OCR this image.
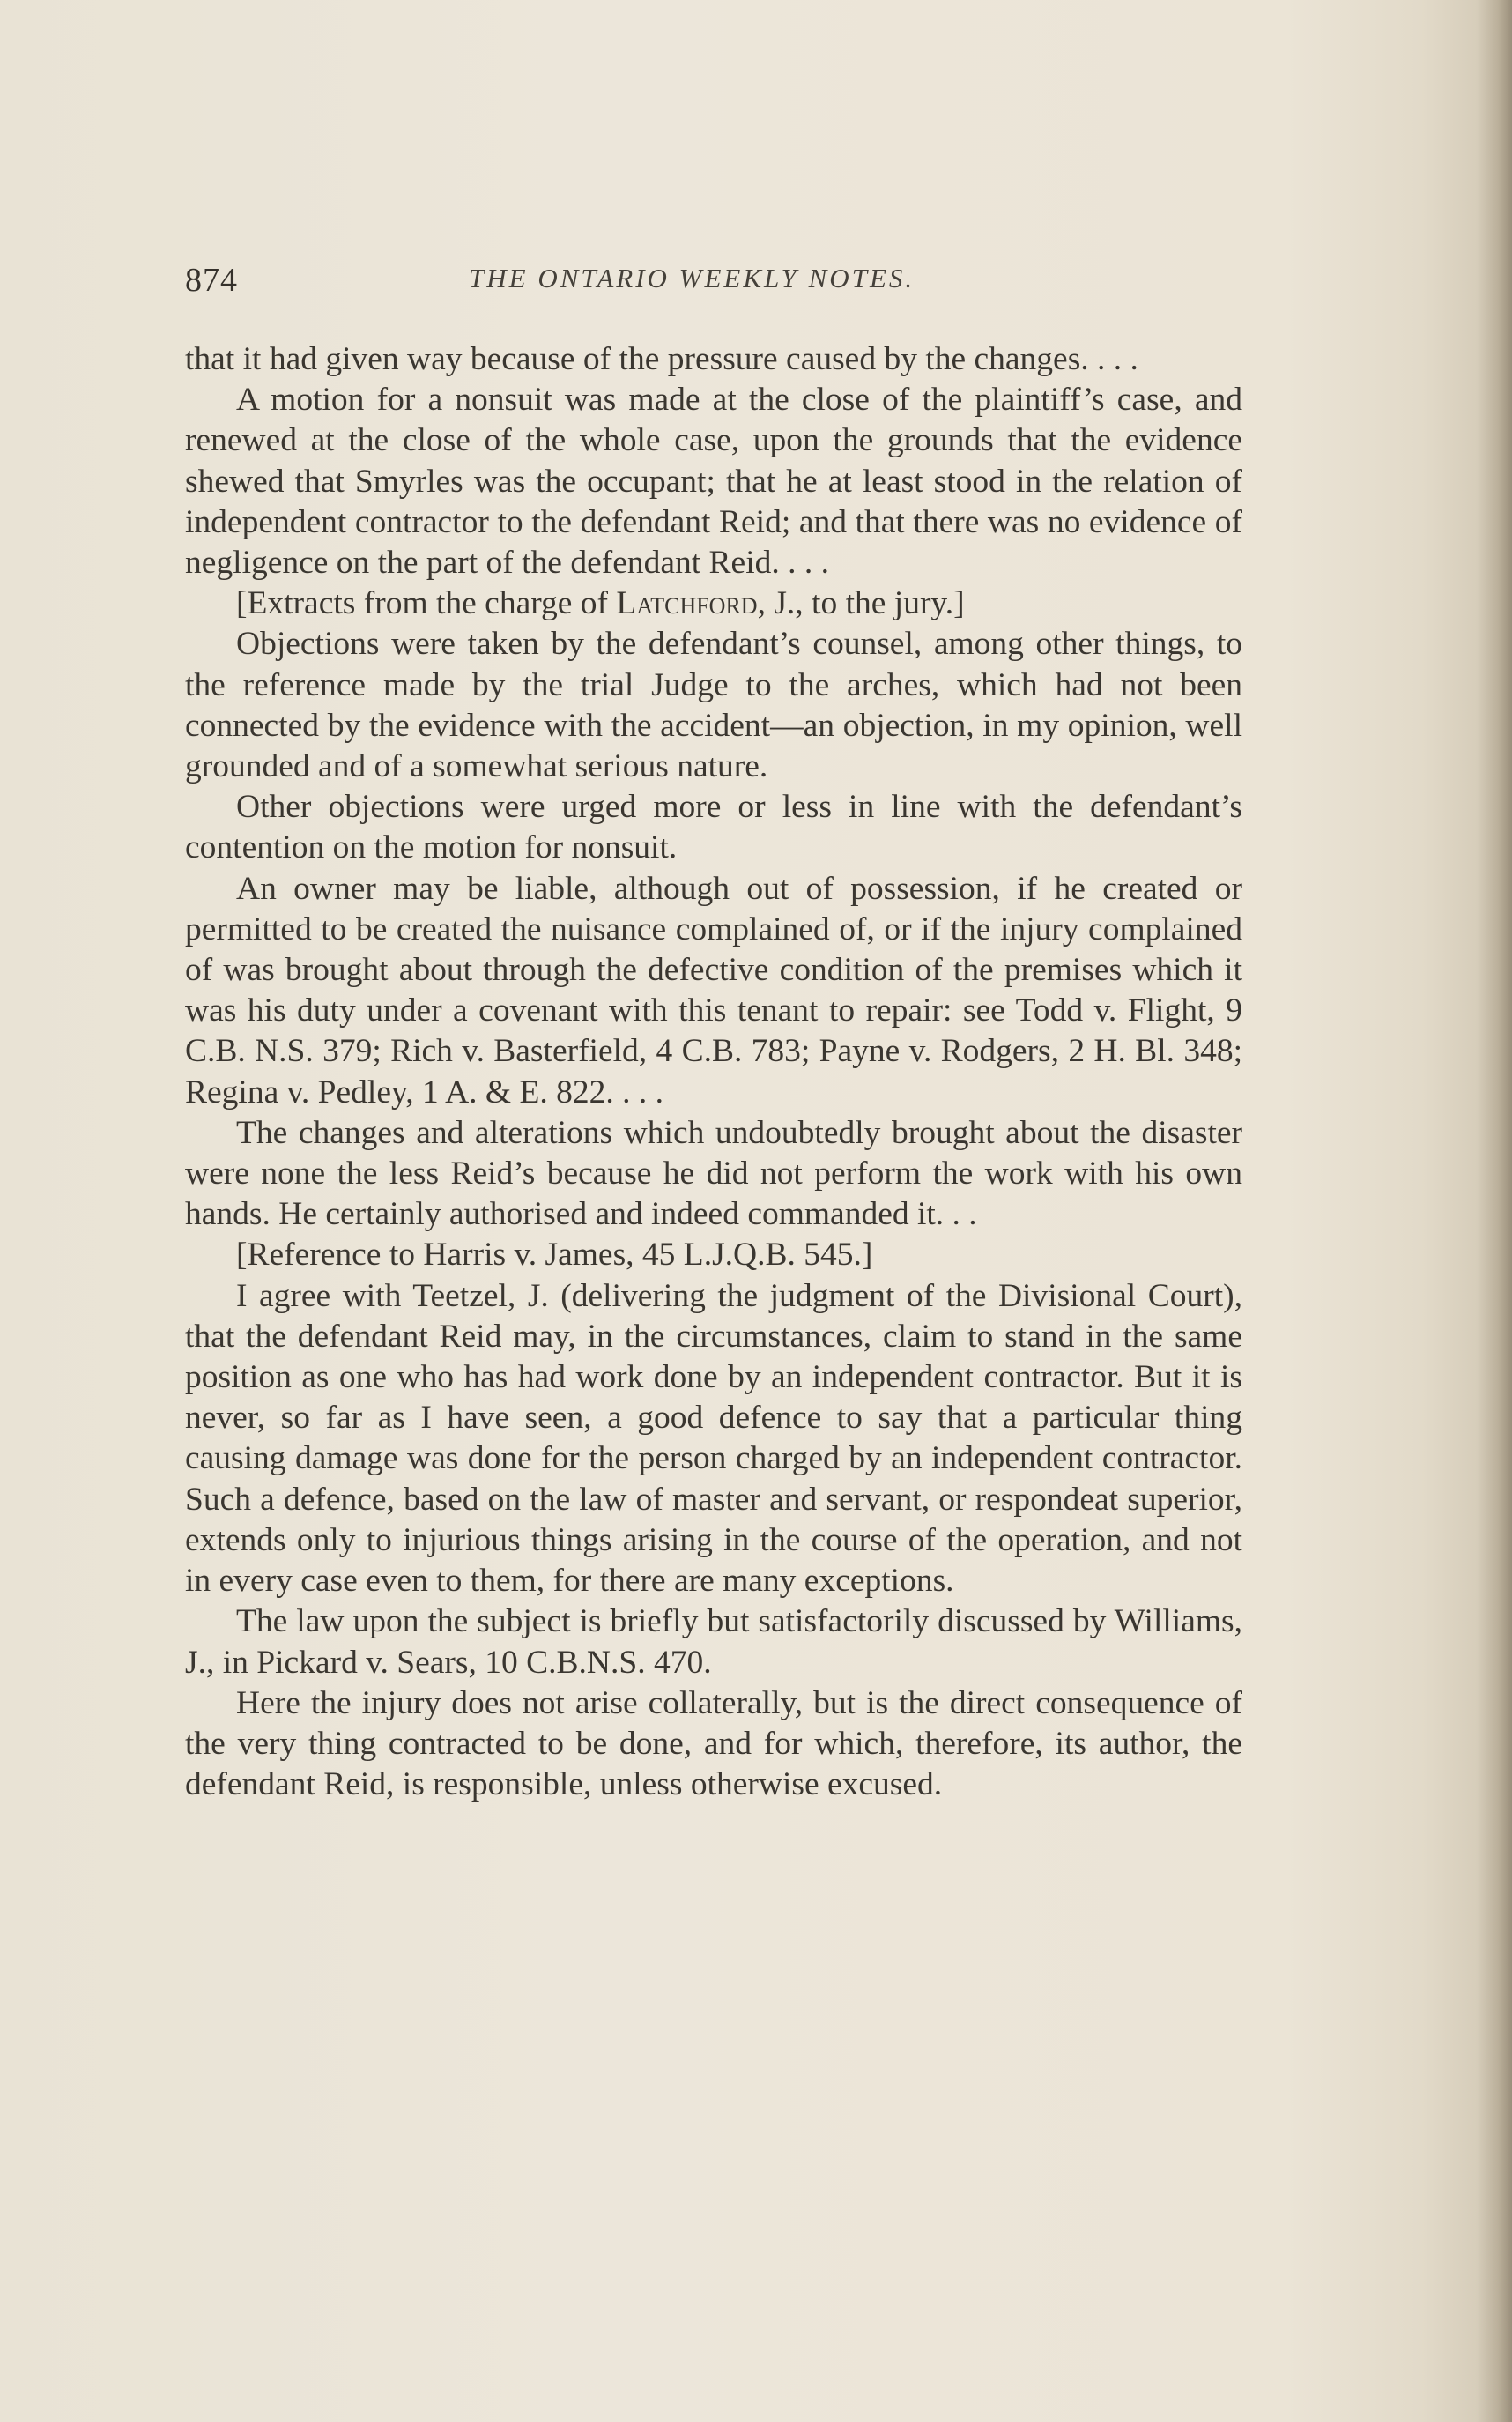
874	THE ONTARIO WEEKLY NOTES.

that it had given way because of the pressure caused by the changes. . . .

A motion for a nonsuit was made at the close of the plaintiff’s case, and renewed at the close of the whole case, upon the grounds that the evidence shewed that Smyrles was the occupant; that he at least stood in the relation of independent contractor to the defendant Reid; and that there was no evidence of negligence on the part of the defendant Reid. . . .

[Extracts from the charge of Latchford, J., to the jury.]

Objections were taken by the defendant’s counsel, among other things, to the reference made by the trial Judge to the arches, which had not been connected by the evidence with the accident—an objection, in my opinion, well grounded and of a somewhat serious nature.

Other objections were urged more or less in line with the defendant’s contention on the motion for nonsuit.

An owner may be liable, although out of possession, if he created or permitted to be created the nuisance complained of, or if the injury complained of was brought about through the defective condition of the premises which it was his duty under a covenant with this tenant to repair: see Todd v. Flight, 9 C.B. N.S. 379; Rich v. Basterfield, 4 C.B. 783; Payne v. Rodgers, 2 H. Bl. 348; Regina v. Pedley, 1 A. & E. 822. . . .

The changes and alterations which undoubtedly brought about the disaster were none the less Reid’s because he did not perform the work with his own hands. He certainly authorised and indeed commanded it. . .

[Reference to Harris v. James, 45 L.J.Q.B. 545.]

I agree with Teetzel, J. (delivering the judgment of the Divisional Court), that the defendant Reid may, in the circumstances, claim to stand in the same position as one who has had work done by an independent contractor. But it is never, so far as I have seen, a good defence to say that a particular thing causing damage was done for the person charged by an independent contractor. Such a defence, based on the law of master and servant, or respondeat superior, extends only to injurious things arising in the course of the operation, and not in every case even to them, for there are many exceptions.

The law upon the subject is briefly but satisfactorily discussed by Williams, J., in Pickard v. Sears, 10 C.B.N.S. 470.

Here the injury does not arise collaterally, but is the direct consequence of the very thing contracted to be done, and for which, therefore, its author, the defendant Reid, is responsible, unless otherwise excused.
